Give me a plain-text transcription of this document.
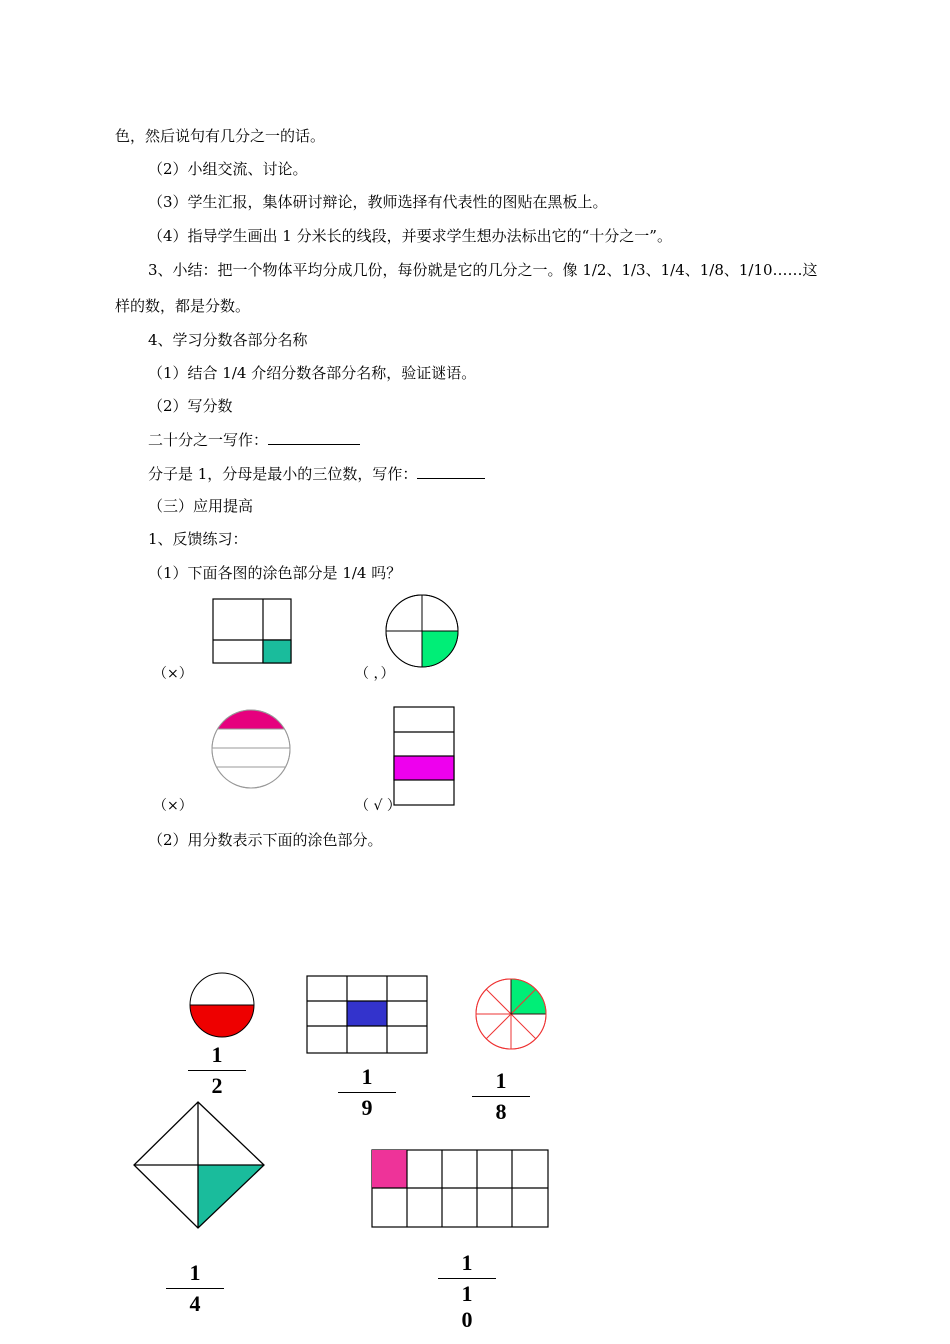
色，然后说句有几分之一的话。
（2）小组交流、讨论。
（3）学生汇报，集体研讨辩论，教师选择有代表性的图贴在黑板上。
（4）指导学生画出 1 分米长的线段，并要求学生想办法标出它的“十分之一”。
3、小结：把一个物体平均分成几份，每份就是它的几分之一。像 1/2、1/3、1/4、1/8、1/10……这
样的数，都是分数。
4、学习分数各部分名称
（1）结合 1/4 介绍分数各部分名称，验证谜语。
（2）写分数
二十分之一写作：
分子是 1，分母是最小的三位数，写作：
（三）应用提高
1、反馈练习：
（1）下面各图的涂色部分是 1/4 吗？
（×）	（ ，）
（×）	（ √ ）
（2）用分数表示下面的涂色部分。
1
2	1
9
1
8
1
4
1
1
0
